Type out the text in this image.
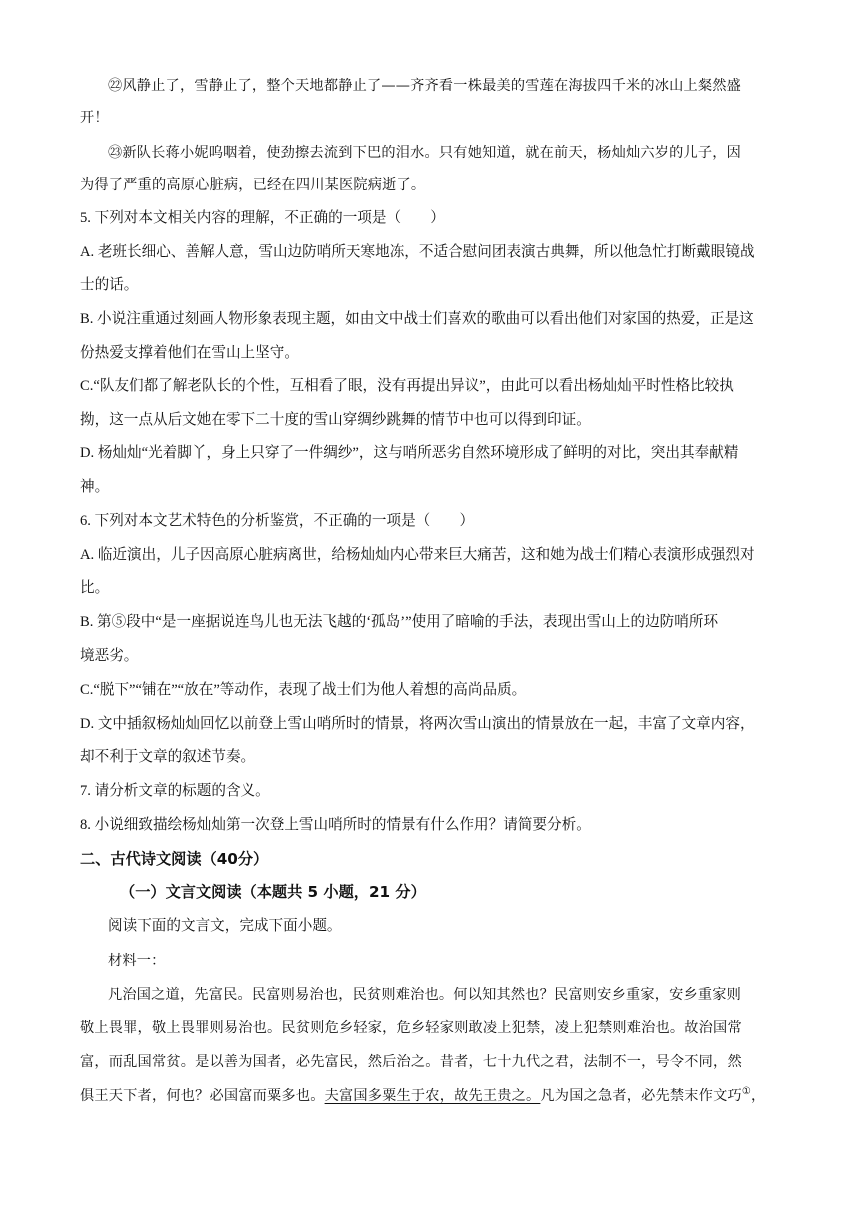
㉒风静止了，雪静止了，整个天地都静止了——齐齐看一株最美的雪莲在海拔四千米的冰山上粲然盛
开！
㉓新队长蒋小妮呜咽着，使劲擦去流到下巴的泪水。只有她知道，就在前天，杨灿灿六岁的儿子，因
为得了严重的高原心脏病，已经在四川某医院病逝了。
5. 下列对本文相关内容的理解，不正确的一项是（　　）
A. 老班长细心、善解人意，雪山边防哨所天寒地冻，不适合慰问团表演古典舞，所以他急忙打断戴眼镜战
士的话。
B. 小说注重通过刻画人物形象表现主题，如由文中战士们喜欢的歌曲可以看出他们对家国的热爱，正是这
份热爱支撑着他们在雪山上坚守。
C.“队友们都了解老队长的个性，互相看了眼，没有再提出异议”，由此可以看出杨灿灿平时性格比较执
拗，这一点从后文她在零下二十度的雪山穿绸纱跳舞的情节中也可以得到印证。
D. 杨灿灿“光着脚丫，身上只穿了一件绸纱”，这与哨所恶劣自然环境形成了鲜明的对比，突出其奉献精
神。
6. 下列对本文艺术特色的分析鉴赏，不正确的一项是（　　）
A. 临近演出，儿子因高原心脏病离世，给杨灿灿内心带来巨大痛苦，这和她为战士们精心表演形成强烈对
比。
B. 第⑤段中“是一座据说连鸟儿也无法飞越的‘孤岛’”使用了暗喻的手法，表现出雪山上的边防哨所环
境恶劣。
C.“脱下”“铺在”“放在”等动作，表现了战士们为他人着想的高尚品质。
D. 文中插叙杨灿灿回忆以前登上雪山哨所时的情景，将两次雪山演出的情景放在一起，丰富了文章内容，
却不利于文章的叙述节奏。
7. 请分析文章的标题的含义。
8. 小说细致描绘杨灿灿第一次登上雪山哨所时的情景有什么作用？请简要分析。
二、古代诗文阅读（40分）
（一）文言文阅读（本题共 5 小题，21 分）
阅读下面的文言文，完成下面小题。
材料一：
凡治国之道，先富民。民富则易治也，民贫则难治也。何以知其然也？民富则安乡重家，安乡重家则
敬上畏罪，敬上畏罪则易治也。民贫则危乡轻家，危乡轻家则敢凌上犯禁，凌上犯禁则难治也。故治国常
富，而乱国常贫。是以善为国者，必先富民，然后治之。昔者，七十九代之君，法制不一，号令不同，然
俱王天下者，何也？必国富而粟多也。夫富国多粟生于农，故先王贵之。凡为国之急者，必先禁末作文巧①，
